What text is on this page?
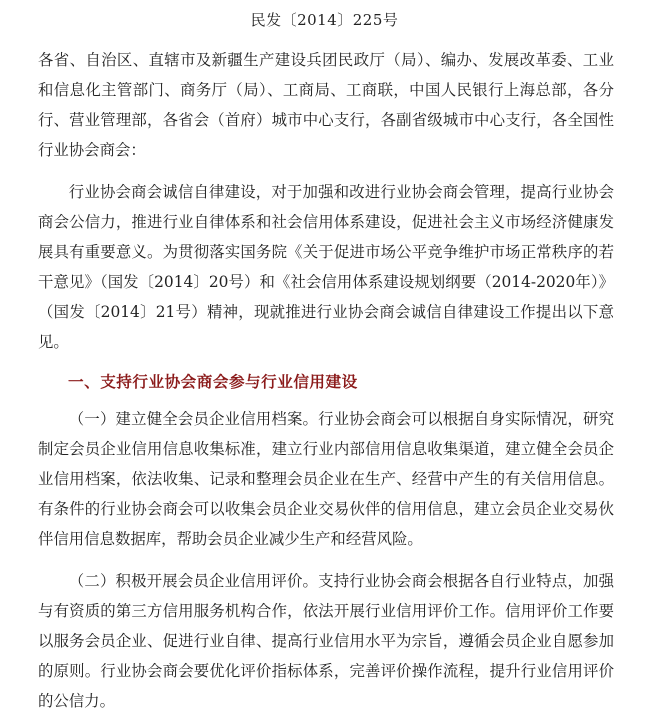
民发〔2014〕225号

各省、自治区、直辖市及新疆生产建设兵团民政厅（局）、编办、发展改革委、工业和信息化主管部门、商务厅（局）、工商局、工商联，中国人民银行上海总部，各分行、营业管理部，各省会（首府）城市中心支行，各副省级城市中心支行，各全国性行业协会商会：

行业协会商会诚信自律建设，对于加强和改进行业协会商会管理，提高行业协会商会公信力，推进行业自律体系和社会信用体系建设，促进社会主义市场经济健康发展具有重要意义。为贯彻落实国务院《关于促进市场公平竞争维护市场正常秩序的若干意见》（国发〔2014〕20号）和《社会信用体系建设规划纲要（2014-2020年）》（国发〔2014〕21号）精神，现就推进行业协会商会诚信自律建设工作提出以下意见。

一、支持行业协会商会参与行业信用建设

（一）建立健全会员企业信用档案。行业协会商会可以根据自身实际情况，研究制定会员企业信用信息收集标准，建立行业内部信用信息收集渠道，建立健全会员企业信用档案，依法收集、记录和整理会员企业在生产、经营中产生的有关信用信息。有条件的行业协会商会可以收集会员企业交易伙伴的信用信息，建立会员企业交易伙伴信用信息数据库，帮助会员企业减少生产和经营风险。

（二）积极开展会员企业信用评价。支持行业协会商会根据各自行业特点，加强与有资质的第三方信用服务机构合作，依法开展行业信用评价工作。信用评价工作要以服务会员企业、促进行业自律、提高行业信用水平为宗旨，遵循会员企业自愿参加的原则。行业协会商会要优化评价指标体系，完善评价操作流程，提升行业信用评价的公信力。
